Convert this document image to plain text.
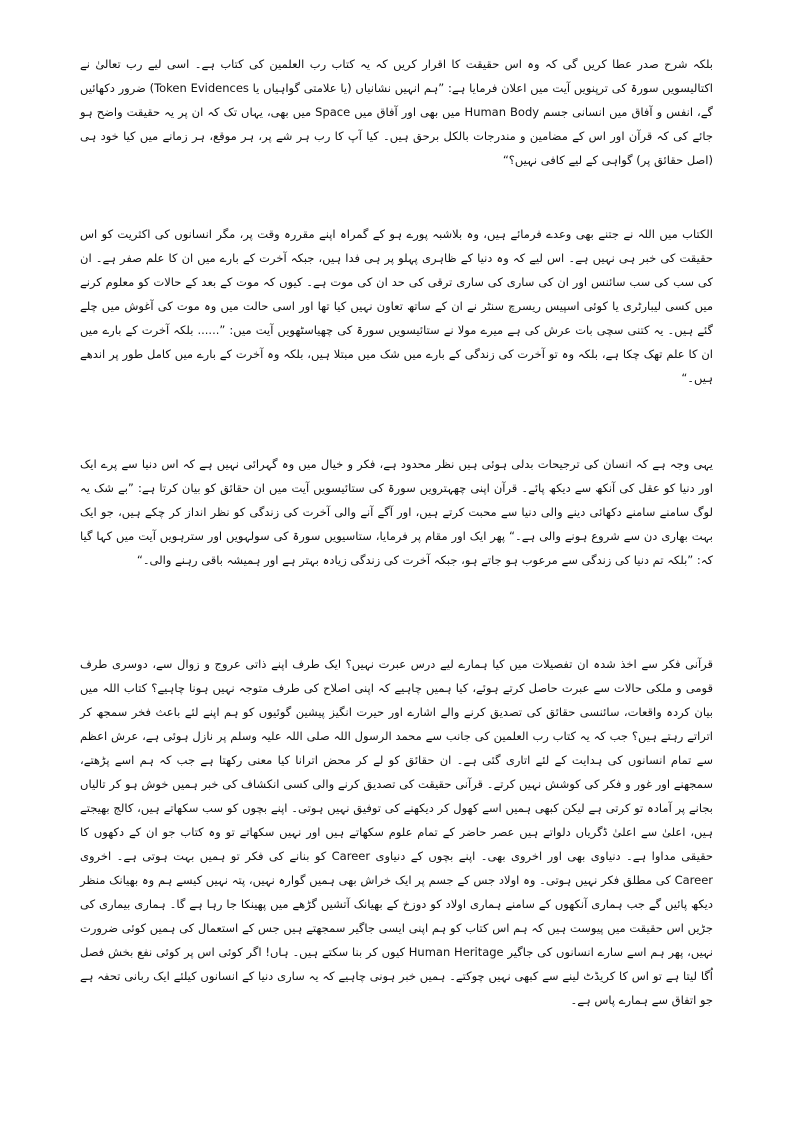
بلکہ شرح صدر عطا کریں گی کہ وہ اس حقیقت کا اقرار کریں کہ یہ کتاب رب العلمین کی کتاب ہے۔ اسی لیے رب تعالیٰ نے اکتالیسویں سورۃ کی ترپنویں آیت میں اعلان فرمایا ہے: ”ہم انہیں نشانیاں (یا علامتی گواہیاں یا Token Evidences) ضرور دکھائیں گے، انفس و آفاق میں انسانی جسم Human Body میں بھی اور آفاق میں Space میں بھی، یہاں تک کہ ان پر یہ حقیقت واضح ہو جائے کی کہ قرآن اور اس کے مضامین و مندرجات بالکل برحق ہیں۔ کیا آپ کا رب ہر شے پر، ہر موقع، ہر زمانے میں کیا خود ہی (اصل حقائق پر) گواہی کے لیے کافی نہیں؟“

الکتاب میں اللہ نے جتنے بھی وعدے فرمائے ہیں، وہ بلاشبہ پورے ہو کے گمراہ اپنے مقررہ وقت پر، مگر انسانوں کی اکثریت کو اس حقیقت کی خبر ہی نہیں ہے۔ اس لیے کہ وہ دنیا کے ظاہری پہلو پر ہی فدا ہیں، جبکہ آخرت کے بارے میں ان کا علم صفر ہے۔ ان کی سب کی سب سائنس اور ان کی ساری کی ساری ترقی کی حد ان کی موت ہے۔ کیوں کہ موت کے بعد کے حالات کو معلوم کرنے میں کسی لیبارٹری یا کوئی اسپیس ریسرچ سنٹر نے ان کے ساتھ تعاون نہیں کیا تھا اور اسی حالت میں وہ موت کی آغوش میں چلے گئے ہیں۔ یہ کتنی سچی بات عرش کی ہے میرے مولا نے ستائیسویں سورۃ کی چھیاسٹھویں آیت میں: ”...... بلکہ آخرت کے بارے میں ان کا علم تھک چکا ہے، بلکہ وہ تو آخرت کی زندگی کے بارے میں شک میں مبتلا ہیں، بلکہ وہ آخرت کے بارے میں کامل طور پر اندھے ہیں۔“

یہی وجہ ہے کہ انسان کی ترجیحات بدلی ہوئی ہیں نظر محدود ہے، فکر و خیال میں وہ گہرائی نہیں ہے کہ اس دنیا سے پرے ایک اور دنیا کو عقل کی آنکھ سے دیکھ پائے۔ قرآن اپنی چھہترویں سورۃ کی ستائیسویں آیت میں ان حقائق کو بیان کرتا ہے: ”بے شک یہ لوگ سامنے سامنے دکھائی دینے والی دنیا سے محبت کرتے ہیں، اور آگے آنے والی آخرت کی زندگی کو نظر انداز کر چکے ہیں، جو ایک بہت بھاری دن سے شروع ہونے والی ہے۔“ پھر ایک اور مقام پر فرمایا، ستاسیویں سورۃ کی سولہویں اور سترہویں آیت میں کہا گیا کہ: ”بلکہ تم دنیا کی زندگی سے مرعوب ہو جاتے ہو، جبکہ آخرت کی زندگی زیادہ بہتر ہے اور ہمیشہ باقی رہنے والی۔“

قرآنی فکر سے اخذ شدہ ان تفصیلات میں کیا ہمارے لیے درس عبرت نہیں؟ ایک طرف اپنے ذاتی عروج و زوال سے، دوسری طرف قومی و ملکی حالات سے عبرت حاصل کرتے ہوئے، کیا ہمیں چاہیے کہ اپنی اصلاح کی طرف متوجہ نہیں ہونا چاہیے؟ کتاب اللہ میں بیان کردہ واقعات، سائنسی حقائق کی تصدیق کرنے والے اشارے اور حیرت انگیز پیشین گوئیوں کو ہم اپنے لئے باعث فخر سمجھ کر اتراتے رہتے ہیں؟ جب کہ یہ کتاب رب العلمین کی جانب سے محمد الرسول اللہ صلی اللہ علیہ وسلم پر نازل ہوئی ہے، عرش اعظم سے تمام انسانوں کی ہدایت کے لئے اتاری گئی ہے۔ ان حقائق کو لے کر محض اترانا کیا معنی رکھتا ہے جب کہ ہم اسے پڑھتے، سمجھنے اور غور و فکر کی کوشش نہیں کرتے۔ قرآنی حقیقت کی تصدیق کرنے والی کسی انکشاف کی خبر ہمیں خوش ہو کر تالیاں بجانے پر آمادہ تو کرتی ہے لیکن کبھی ہمیں اسے کھول کر دیکھنے کی توفیق نہیں ہوتی۔ اپنے بچوں کو سب سکھاتے ہیں، کالج بھیجتے ہیں، اعلیٰ سے اعلیٰ ڈگریاں دلواتے ہیں عصر حاضر کے تمام علوم سکھاتے ہیں اور نہیں سکھاتے تو وہ کتاب جو ان کے دکھوں کا حقیقی مداوا ہے۔ دنیاوی بھی اور اخروی بھی۔ اپنے بچوں کے دنیاوی Career کو بنانے کی فکر تو ہمیں بہت ہوتی ہے۔ اخروی Career کی مطلق فکر نہیں ہوتی۔ وہ اولاد جس کے جسم پر ایک خراش بھی ہمیں گوارہ نہیں، پتہ نہیں کیسے ہم وہ بھیانک منظر دیکھ پائیں گے جب ہماری آنکھوں کے سامنے ہماری اولاد کو دوزخ کے بھیانک آتشیں گڑھے میں پھینکا جا رہا ہے گا۔ ہماری بیماری کی جڑیں اس حقیقت میں پیوست ہیں کہ ہم اس کتاب کو ہم اپنی ایسی جاگیر سمجھتے ہیں جس کے استعمال کی ہمیں کوئی ضرورت نہیں، پھر ہم اسے سارے انسانوں کی جاگیر Human Heritage کیوں کر بنا سکتے ہیں۔ ہاں! اگر کوئی اس پر کوئی نفع بخش فصل اُگا لیتا ہے تو اس کا کریڈٹ لینے سے کبھی نہیں چوکتے۔ ہمیں خبر ہونی چاہیے کہ یہ ساری دنیا کے انسانوں کیلئے ایک ربانی تحفہ ہے جو اتفاق سے ہمارے پاس ہے۔
